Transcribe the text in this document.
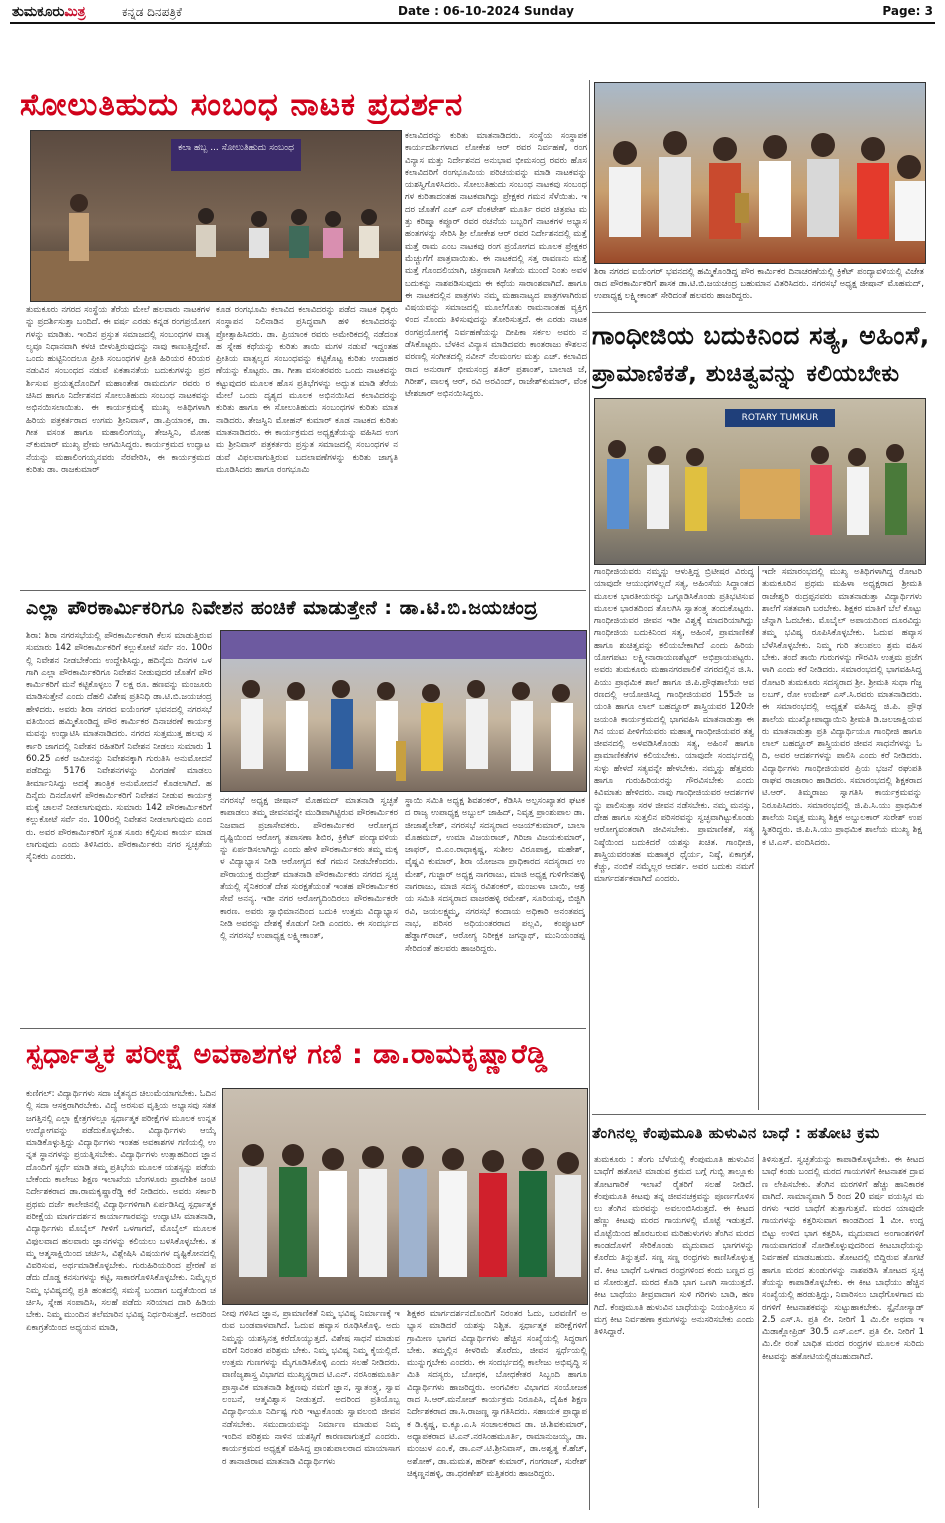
ತುಮಕೂರುಮಿತ್ರ	ಕನ್ನಡ ದಿನಪತ್ರಿಕೆ	Date : 06-10-2024 Sunday	Page: 3
ಸೋಲುತಿಹುದು ಸಂಬಂಧ ನಾಟಕ ಪ್ರದರ್ಶನ
ಕಲಾ ಹಬ್ಬ ... ಸೋಲುತಿಹುದು ಸಂಬಂಧ
ತುಮಕೂರು ನಗರದ ಸಂಸ್ಥೆಯ ತೆರೆಯ ಮೇಲೆ ಹಲವಾರು ನಾಟಕಗಳನ್ನು ಪ್ರದರ್ಶಿಸುತ್ತಾ ಬಂದಿದೆ. ಈ ವರ್ಷ ಎರಡು ಕನ್ನಡ ರಂಗಪ್ರಯೋಗಗಳನ್ನು ಮಾಡಿತು. ಇಂದಿನ ಪ್ರಸ್ತುತ ಸಮಾಜದಲ್ಲಿ ಸಂಬಂಧಗಳ ವಾತ್ಸಲ್ಯವೂ ನಿಧಾನವಾಗಿ ಕಳಚಿ ಬೀಳುತ್ತಿರುವುದನ್ನು ನಾವು ಕಾಣುತ್ತಿದ್ದೇವೆ. ಒಂದು ಹುಟ್ಟಿನಿಂದಲೂ ಪ್ರೀತಿ ಸಂಬಂಧಗಳ ಪ್ರೀತಿ ಹಿರಿಯರ ಕಿರಿಯರ ನಡುವಿನ ಸಂಬಂಧದ ನಡುವೆ ಏಕತಾನತೆಯ ಬದುಕುಗಳನ್ನು ಪ್ರದರ್ಶಿಸುವ ಪ್ರಯತ್ನದೊಂದಿಗೆ ಮಹಾಂತೇಶ ರಾಮದುರ್ಗ ರವರು ರಚಿಸಿದ ಹಾಗೂ ನಿರ್ದೇಶನದ ಸೋಲುತಿಹುದು ಸಂಬಂಧ ನಾಟಕವನ್ನು ಅಭಿನಯಿಸಲಾಯಿತು. ಈ ಕಾರ್ಯಕ್ರಮಕ್ಕೆ ಮುಖ್ಯ ಅತಿಥಿಗಳಾಗಿ ಹಿರಿಯ ಪತ್ರಕರ್ತರಾದ ಉಗಮ ಶ್ರೀನಿವಾಸ್, ಡಾ.ಪ್ರಿಯಾಂಕ, ಡಾ. ಗೀತ ವಸಂತ ಹಾಗೂ ಮಹಾಲಿಂಗಯ್ಯ, ತೇಜಸ್ವಿನಿ, ಮೋಹನ್‌ಕುಮಾರ್ ಮುಖ್ಯ ಪ್ರೇಮ ಆಗಮಿಸಿದ್ದರು. ಕಾರ್ಯಕ್ರಮದ ಉದ್ಘಾಟನೆಯನ್ನು ಮಹಾಲಿಂಗಯ್ಯನವರು ನೆರವೇರಿಸಿ, ಈ ಕಾರ್ಯಕ್ರಮದ ಕುರಿತು ಡಾ. ರಾಜಕುಮಾರ್
ಕೂಡ ರಂಗಭೂಮಿ ಕಲಾವಿದ ಕಲಾವಿದರನ್ನು ಪಡೆದ ನಾಟಕ ಧಿಕ್ಕರು ಸಂಸ್ಥಾಪನ ನಿಲಿನಾಡಿನ ಪ್ರಸಿದ್ಧವಾಗಿ ಹಳಿ ಕಲಾವಿದರನ್ನು ಪ್ರೋತ್ಸಾಹಿಸಿದರು. ಡಾ. ಪ್ರಿಯಾಂಕ ರವರು ಅಮೇರಿಕದಲ್ಲಿ ನಡೆದಂತಹ ಸ್ನೇಹ ಕಥೆಯನ್ನು ಕುರಿತು ತಾಯಿ ಮಗಳ ನಡುವೆ ಇದ್ದಂತಹ ಪ್ರೀತಿಯ ವಾತ್ಸಲ್ಯದ ಸಂಬಂಧವನ್ನು ಕಟ್ಟಿಕೊಟ್ಟ ಕುರಿತು ಉದಾಹರಣೆಯನ್ನು ಕೊಟ್ಟರು. ಡಾ. ಗೀತಾ ವಸಂತರವರು ಒಂದು ನಾಟಕವನ್ನು ಕಟ್ಟುವುದರ ಮೂಲಕ ಹೊಸ ಪ್ರತಿಭೆಗಳನ್ನು ಅದ್ಭುತ ಮಾಡಿ ತೆರೆಯ ಮೇಲೆ ಒಂದು ದೃಶ್ಯದ ಮೂಲಕ ಅಭಿನಯಿಸಿದ ಕಲಾವಿದರನ್ನು ಕುರಿತು ಹಾಗೂ ಈ ಸೋಲುತಿಹುದು ಸಂಬಂಧಗಳ ಕುರಿತು ಮಾತನಾಡಿದರು. ತೇಜಸ್ವಿನಿ ಮೋಹನ್ ಕುಮಾರ್ ಕೂಡ ನಾಟಕದ ಕುರಿತು ಮಾತನಾಡಿದರು. ಈ ಕಾರ್ಯಕ್ರಮದ ಅಧ್ಯಕ್ಷತೆಯನ್ನು ವಹಿಸಿದ ಉಗಮ ಶ್ರೀನಿವಾಸ್ ಪತ್ರಕರ್ತರು ಪ್ರಸ್ತುತ ಸಮಾಜದಲ್ಲಿ ಸಂಬಂಧಗಳ ನಡುವೆ ವಿಫಲವಾಗುತ್ತಿರುವ ಬದಲಾವಣೆಗಳನ್ನು ಕುರಿತು ಜಾಗೃತಿ ಮೂಡಿಸಿದರು ಹಾಗೂ ರಂಗಭೂಮಿ
ಕಲಾವಿದರನ್ನು ಕುರಿತು ಮಾತನಾಡಿದರು. ಸಂಸ್ಥೆಯ ಸಂಸ್ಥಾಪಕ ಕಾರ್ಯದರ್ಶಿಗಳಾದ ಲೋಕೇಶ ಆರ್ ರವರ ನಿರ್ವಹಣೆ, ರಂಗ ವಿನ್ಯಾಸ ಮತ್ತು ನಿರ್ದೇಶನದ ಅನುಭಾವ ಭೀಮಸಂದ್ರ ರವರು ಹೊಸ ಕಲಾವಿದರಿಗೆ ರಂಗಭೂಮಿಯ ಪರಿಚಯವನ್ನು ಮಾಡಿ ನಾಟಕವನ್ನು ಯಶಸ್ವಿಗೊಳಿಸಿದರು. ಸೋಲುತಿಹುದು ಸಂಬಂಧ ನಾಟಕವು ಸಂಬಂಧಗಳ ಕುರಿತಾದಂತಹ ನಾಟಕವಾಗಿದ್ದು ಪ್ರೇಕ್ಷಕರ ಗಮನ ಸೆಳೆಯಿತು. ಇದರ ಜೊತೆಗೆ ಎಚ್ ಎಸ್ ವೆಂಕಟೇಶ್ ಮೂರ್ತಿ ರವರ ಚಿತ್ರಪಟ ಮತ್ತು ಕರಿಷ್ಮಾ ಕಪ್ಪೂರ್ ರವರ ರಚನೆಯ ಬಬ್ಬರಿಗೆ ನಾಟಕಗಳ ಅಭ್ಯಾಸ ಹಂತಗಳನ್ನು ಸೇರಿಸಿ ಶ್ರೀ ಲೋಕೇಶ ಆರ್ ರವರ ನಿರ್ದೇಶನದಲ್ಲಿ ಮತ್ತೆ ಮತ್ತೆ ರಾಮ ಎಂಬ ನಾಟಕವು ರಂಗ ಪ್ರಯೋಗದ ಮೂಲಕ ಪ್ರೇಕ್ಷಕರ ಮೆಚ್ಚುಗೆಗೆ ಪಾತ್ರವಾಯಿತು. ಈ ನಾಟಕದಲ್ಲಿ ಸತ್ತ ರಾವಣನು ಮತ್ತೆ ಮತ್ತೆ ಗೊಂದಲಿಯಾಗಿ, ಚಿತ್ರಣವಾಗಿ ಸೀತೆಯ ಮುಂದೆ ನಿಂತು ಅವಳ ಬದುಕನ್ನು ನಾಶಪಡಿಸುವುದು ಈ ಕಥೆಯ ಸಾರಾಂಶವಾಗಿದೆ. ಹಾಗೂ ಈ ನಾಟಕದಲ್ಲಿನ ಪಾತ್ರಗಳು ನಮ್ಮ ಮಹಾನಾಟ್ಯದ ಪಾತ್ರಗಳಾಗಿರುವ ವಿಷಯವನ್ನು ಸಮಾಜದಲ್ಲಿ ಮೂಲೆಗೊತು ರಾಮನಾಂತಹ ವ್ಯಕ್ತಿಗಳಿಂದ ನೊಂದು ತಿಳಿಸುವುದನ್ನು ತೋರಿಸುತ್ತದೆ. ಈ ಎರಡು ನಾಟಕ ರಂಗಪ್ರಯೋಗಕ್ಕೆ ನಿರ್ವಹಣೆಯನ್ನು ದೀಪಿಕಾ ಸರ್ಕಲ ಅವರು ನಡೆಸಿಕೊಟ್ಟರು. ಬೆಳಕಿನ ವಿನ್ಯಾಸ ಮಾಡಿದವರು ಕಾಂತರಾಜು ಕೌಶಲನವರಣಲ್ಲಿ ಸಂಗೀತದಲ್ಲಿ ನವೀನ್ ನೆಲಮಂಗಲ ಮತ್ತು ಎಚ್. ಕಲಾವಿದರಾದ ಅನುರಾಗ್ ಭೀಮಸಂದ್ರ ಶತಿರ್ ಪ್ರಶಾಂತ್, ಬಾಲಾಜಿ ಜೆ, ಗಿರೀಶ್, ವಾಲಕ್ಕ ಆರ್, ರವಿ ಅರವಿಂದ್, ರಾಜೇಶ್‌ಕುಮಾರ್, ವೆಂಕಟೇಶಚಾರ್ ಅಭಿನಯಿಸಿದ್ದರು.
ಶಿರಾ ನಗರದ ಐಯೆಂಗರ್ ಭವನದಲ್ಲಿ ಹಮ್ಮಿಕೊಂಡಿದ್ದ ಪೌರ ಕಾರ್ಮಿಕರ ದಿನಾಚರಣೆಯಲ್ಲಿ ಕ್ರಿಕೆಟ್ ಪಂದ್ಯಾವಳಿಯಲ್ಲಿ ವಿಜೇತರಾದ ಪೌರಕಾರ್ಮಿಕರಿಗೆ ಶಾಸಕ ಡಾ.ಟಿ.ಬಿ.ಜಯಚಂದ್ರ ಬಹುಮಾನ ವಿತರಿಸಿದರು. ನಗರಸಭೆ ಅಧ್ಯಕ್ಷ ಜೀಷಾನ್ ಮೊಹಮದ್, ಉಪಾಧ್ಯಕ್ಷ ಲಕ್ಷ್ಮೀಕಾಂತ್ ಸೇರಿದಂತೆ ಹಲವರು ಹಾಜರಿದ್ದರು.
ಗಾಂಧೀಜಿಯ ಬದುಕಿನಿಂದ ಸತ್ಯ, ಅಹಿಂಸೆ,
ಪ್ರಾಮಾಣಿಕತೆ, ಶುಚಿತ್ವವನ್ನು ಕಲಿಯಬೇಕು
ROTARY TUMKUR
ಗಾಂಧೀಜಿಯವರು ನಮ್ಮನ್ನು ಆಳುತ್ತಿದ್ದ ಬ್ರಿಟೀಷರ ವಿರುದ್ಧ ಯಾವುದೇ ಆಯುಧಗಳಿಲ್ಲದೆ ಸತ್ಯ, ಅಹಿಂಸೆಯ ಸಿದ್ಧಾಂತದ ಮೂಲಕ ಭಾರತೀಯರನ್ನು ಒಗ್ಗೂಡಿಸಿಕೊಂಡು ಪ್ರತಿಭಟಿಸುವ ಮೂಲಕ ಭಾರತದಿಂದ ತೊಲಗಿಸಿ ಸ್ವಾತಂತ್ರ್ಯ ತಂದುಕೊಟ್ಟರು. ಗಾಂಧೀಜಿಯವರ ಜೀವನ ಇಡೀ ವಿಶ್ವಕ್ಕೆ ಮಾದರಿಯಾಗಿದ್ದು ಗಾಂಧೀಜಿಯ ಬದುಕಿನಿಂದ ಸತ್ಯ, ಅಹಿಂಸೆ, ಪ್ರಾಮಾಣಿಕತೆ ಹಾಗೂ ಶುಚಿತ್ವವನ್ನು ಕಲಿಯಬೇಕಾಗಿದೆ ಎಂದು ಹಿರಿಯ ಯೋಗಪಟು ಲಕ್ಷ್ಮೀನಾರಾಯಣಶೆಟ್ಟರ್ ಅಭಿಪ್ರಾಯಪಟ್ಟರು. ಅವರು ತುಮಕೂರು ಮಹಾನಗರಪಾಲಿಕೆ ನಗರದಲ್ಲಿನ ಜಿ.ಸಿ.ಪಿಯು ಪ್ರಾಥಮಿಕ ಶಾಲೆ ಹಾಗೂ ಜಿ.ಪಿ.ಪ್ರೌಢಶಾಲೆಯ ಆವರಣದಲ್ಲಿ ಆಯೋಜಿಸಿದ್ದ ಗಾಂಧೀಜಿಯವರ 155ನೇ ಜಯಂತಿ ಹಾಗೂ ಲಾಲ್ ಬಹದ್ದೂರ್ ಶಾಸ್ತ್ರಿಯವರ 120ನೇ ಜಯಂತಿ ಕಾರ್ಯಕ್ರಮದಲ್ಲಿ ಭಾಗವಹಿಸಿ ಮಾತನಾಡುತ್ತಾ ಈಗಿನ ಯುವ ಪೀಳಿಗೆಯವರು ಮಹಾತ್ಮ ಗಾಂಧೀಜಿಯವರ ತತ್ವ ಜೀವನದಲ್ಲಿ ಅಳವಡಿಸಿಕೊಂಡು ಸತ್ಯ, ಅಹಿಂಸೆ ಹಾಗೂ ಪ್ರಾಮಾಣಿಕತೆಗಳ ಕಲಿಯಬೇಕು. ಯಾವುದೇ ಸಂದರ್ಭದಲ್ಲಿ ಸುಳ್ಳು ಹೇಳದೆ ಸತ್ಯವನ್ನೇ ಹೇಳಬೇಕು. ನಮ್ಮನ್ನು ಹೆತ್ತವರು ಹಾಗೂ ಗುರುಹಿರಿಯರನ್ನು ಗೌರವಿಸಬೇಕು ಎಂದು ಕಿವಿಮಾತು ಹೇಳಿದರು. ನಾವು ಗಾಂಧೀಜಿಯವರ ಆದರ್ಶಗಳನ್ನು ಪಾಲಿಸುತ್ತಾ ಸರಳ ಜೀವನ ನಡೆಸಬೇಕು. ನಮ್ಮ ಮನಸ್ಸು, ದೇಹ ಹಾಗೂ ಸುತ್ತಲಿನ ಪರಿಸರವನ್ನು ಸ್ವಚ್ಛವಾಗಿಟ್ಟುಕೊಂಡು ಆರೋಗ್ಯವಂತರಾಗಿ ಜೀವಿಸಬೇಕು. ಪ್ರಾಮಾಣಿಕತೆ, ಸತ್ಯ ನಿಷ್ಠೆಯಿಂದ ಬದುಕಿದರೆ ಯಶಸ್ಸು ಖಚಿತ. ಗಾಂಧೀಜಿ, ಶಾಸ್ತ್ರಿಯವರಂತಹ ಮಹಾತ್ಮರ ಧೈರ್ಯ, ನಿಷ್ಠೆ, ಏಕಾಗ್ರತೆ, ಕೆಚ್ಚು, ನಂಬಿಕೆ ನಮ್ಮೆಲ್ಲರ ಆದರ್ಶ. ಅವರ ಬದುಕು ನಮಗೆ ಮಾರ್ಗದರ್ಶಕವಾಗಿದೆ ಎಂದರು.
ಇದೇ ಸಮಾರಂಭದಲ್ಲಿ ಮುಖ್ಯ ಅತಿಥಿಗಳಾಗಿದ್ದ ರೋಟರಿ ತುಮಕೂರಿನ ಪ್ರಥಮ ಮಹಿಳಾ ಅಧ್ಯಕ್ಷರಾದ ಶ್ರೀಮತಿ ರಾಜೇಶ್ವರಿ ರುದ್ರಪ್ಪನವರು ಮಾತನಾಡುತ್ತಾ ವಿದ್ಯಾರ್ಥಿಗಳು ಶಾಲೆಗೆ ಸತತವಾಗಿ ಬರಬೇಕು. ಶಿಕ್ಷಕರ ಮಾತಿಗೆ ಬೆಲೆ ಕೊಟ್ಟು ಚೆನ್ನಾಗಿ ಓದಬೇಕು. ಮೊಬೈಲ್ ಅಪಾಯದಿಂದ ದೂರವಿದ್ದು ತಮ್ಮ ಭವಿಷ್ಯ ರೂಪಿಸಿಕೊಳ್ಳಬೇಕು. ಓದುವ ಹವ್ಯಾಸ ಬೆಳೆಸಿಕೊಳ್ಳಬೇಕು. ನಿಮ್ಮ ಗುರಿ ತಲುಪಲು ಶ್ರಮ ವಹಿಸಬೇಕು. ತಂದೆ ತಾಯಿ ಗುರುಗಳನ್ನು ಗೌರವಿಸಿ ಉತ್ತಮ ಪ್ರಜೆಗಳಾಗಿ ಎಂದು ಕರೆ ನೀಡಿದರು. ಸಮಾರಂಭದಲ್ಲಿ ಭಾಗವಹಿಸಿದ್ದ ರೋಟರಿ ತುಮಕೂರು ಸದಸ್ಯರಾದ ಶ್ರೀ. ಶ್ರೀಮತಿ ಸುಧಾ ಗೆಜ್ಜಲಬಗ್, ರೋ ಉಮೇಶ್ ಎಸ್.ಸಿ.ರವರು ಮಾತನಾಡಿದರು. ಈ ಸಮಾರಂಭದಲ್ಲಿ ಅಧ್ಯಕ್ಷತೆ ವಹಿಸಿದ್ದ ಜಿ.ಪಿ. ಪ್ರೌಢಶಾಲೆಯ ಮುಖ್ಯೋಪಾಧ್ಯಾಯಿನಿ ಶ್ರೀಮತಿ ಡಿ.ಜಲಜಾಕ್ಷಿಯವರು ಮಾತನಾಡುತ್ತಾ ಪ್ರತಿ ವಿದ್ಯಾರ್ಥಿಯೂ ಗಾಂಧೀಜಿ ಹಾಗೂ ಲಾಲ್ ಬಹದ್ದೂರ್ ಶಾಸ್ತ್ರಿಯವರ ಜೀವನ ಸಾಧನೆಗಳನ್ನು ಓದಿ, ಅವರ ಆದರ್ಶಗಳನ್ನು ಪಾಲಿಸಿ ಎಂದು ಕರೆ ನೀಡಿದರು. ವಿದ್ಯಾರ್ಥಿಗಳು ಗಾಂಧೀಜಿಯವರ ಪ್ರಿಯ ಭಜನೆ ರಘುಪತಿ ರಾಘವ ರಾಜಾರಾಂ ಹಾಡಿದರು. ಸಮಾರಂಭದಲ್ಲಿ ಶಿಕ್ಷಕರಾದ ಟಿ.ಆರ್. ತಿಮ್ಮರಾಜು ಸ್ವಾಗತಿಸಿ ಕಾರ್ಯಕ್ರಮವನ್ನು ನಿರೂಪಿಸಿದರು. ಸಮಾರಂಭದಲ್ಲಿ ಜಿ.ಪಿ.ಸಿ.ಯು ಪ್ರಾಥಮಿಕ ಶಾಲೆಯ ನಿವೃತ್ತ ಮುಖ್ಯ ಶಿಕ್ಷಕ ಅಬ್ದುಲಕಾರ್ ಸುರೇಶ್ ಉಪಸ್ಥಿತರಿದ್ದರು. ಜಿ.ಪಿ.ಸಿ.ಯು ಪ್ರಾಥಮಿಕ ಶಾಲೆಯ ಮುಖ್ಯ ಶಿಕ್ಷಕ ಟಿ.ಎಸ್. ವಂದಿಸಿದರು.
ಎಲ್ಲಾ ಪೌರಕಾರ್ಮಿಕರಿಗೂ ನಿವೇಶನ ಹಂಚಿಕೆ ಮಾಡುತ್ತೇನೆ : ಡಾ.ಟಿ.ಬಿ.ಜಯಚಂದ್ರ
ಶಿರಾ: ಶಿರಾ ನಗರಸಭೆಯಲ್ಲಿ ಪೌರಕಾರ್ಮಿಕರಾಗಿ ಕೆಲಸ ಮಾಡುತ್ತಿರುವ ಸುಮಾರು 142 ಪೌರಕಾರ್ಮಿಕರಿಗೆ ಕಲ್ಲುಕೋಟೆ ಸರ್ವೆ ನಂ. 100ರಲ್ಲಿ ನಿವೇಶನ ನೀಡಬೇಕೆಂದು ಉದ್ದೇಶಿಸಿದ್ದು, ಹದಿನೈದು ದಿನಗಳ ಒಳಗಾಗಿ ಎಲ್ಲಾ ಪೌರಕಾರ್ಮಿಕರಿಗೂ ನಿವೇಶನ ನೀಡುವುದರ ಜೊತೆಗೆ ಪೌರಕಾರ್ಮಿಕರಿಗೆ ಮನೆ ಕಟ್ಟಿಕೊಳ್ಳಲು 7 ಲಕ್ಷ ರೂ. ಹಣವನ್ನು ಮಂಜೂರು ಮಾಡಿಸುತ್ತೇನೆ ಎಂದು ದೆಹಲಿ ವಿಶೇಷ ಪ್ರತಿನಿಧಿ ಡಾ.ಟಿ.ಬಿ.ಜಯಚಂದ್ರ ಹೇಳಿದರು. ಅವರು ಶಿರಾ ನಗರದ ಐಯೆಂಗರ್ ಭವನದಲ್ಲಿ ನಗರಸಭೆ ವತಿಯಿಂದ ಹಮ್ಮಿಕೊಂಡಿದ್ದ ಪೌರ ಕಾರ್ಮಿಕರ ದಿನಾಚರಣೆ ಕಾರ್ಯಕ್ರಮವನ್ನು ಉದ್ಘಾಟಿಸಿ ಮಾತನಾಡಿದರು. ನಗರದ ಸುತ್ತಮುತ್ತ ಹಲವು ಸರ್ಕಾರಿ ಜಾಗದಲ್ಲಿ ನಿವೇಶನ ರಹಿತರಿಗೆ ನಿವೇಶನ ನೀಡಲು ಸುಮಾರು 160.25 ಎಕರೆ ಜಮೀನನ್ನು ನಿವೇಶನಕ್ಕಾಗಿ ಗುರುತಿಸಿ ಅನುಮೋದನೆ ಪಡೆದಿದ್ದು 5176 ನಿವೇಶನಗಳನ್ನು ವಿಂಗಡಣೆ ಮಾಡಲು ತೀರ್ಮಾನಿಸಿದ್ದು ಅದಕ್ಕೆ ತಾಂತ್ರಿಕ ಅನುಮೋದನೆ ಕೊಡಲಾಗಿದೆ. ಹದಿನೈದು ದಿನದೊಳಗೆ ಪೌರಕಾರ್ಮಿಕರಿಗೆ ನಿವೇಶನ ನೀಡುವ ಕಾರ್ಯಕ್ರಮಕ್ಕೆ ಚಾಲನೆ ನೀಡಲಾಗುವುದು. ಸುಮಾರು 142 ಪೌರಕಾರ್ಮಿಕರಿಗೆ ಕಲ್ಲುಕೋಟೆ ಸರ್ವೆ ನಂ. 100ರಲ್ಲಿ ನಿವೇಶನ ನೀಡಲಾಗುವುದು ಎಂದರು. ಅವರ ಪೌರಕಾರ್ಮಿಕರಿಗೆ ಸ್ವಂತ ಸೂರು ಕಲ್ಪಿಸುವ ಕಾರ್ಯ ಮಾಡಲಾಗುವುದು ಎಂದು ತಿಳಿಸಿದರು. ಪೌರಕಾರ್ಮಿಕರು ನಗರ ಸ್ವಚ್ಛತೆಯ ಸೈನಿಕರು ಎಂದರು.
ನಗರಸಭೆ ಅಧ್ಯಕ್ಷ ಜೀಷಾನ್ ಮೊಹಮದ್ ಮಾತನಾಡಿ ಸ್ವಚ್ಛತೆ ಕಾಪಾಡಲು ತಮ್ಮ ಜೀವನವನ್ನೇ ಮುಡಿಪಾಗಿಟ್ಟಿರುವ ಪೌರಕಾರ್ಮಿಕರ ನಿಜವಾದ ಪ್ರಜಾಸೇವಕರು. ಪೌರಕಾರ್ಮಿಕರ ಆರೋಗ್ಯದ ದೃಷ್ಟಿಯಿಂದ ಆರೋಗ್ಯ ತಪಾಸಣಾ ಶಿಬಿರ, ಕ್ರಿಕೆಟ್ ಪಂದ್ಯಾವಳಿಯನ್ನು ಏರ್ಪಡಿಸಲಾಗಿದ್ದು ಎಂದು ಹೇಳಿ ಪೌರಕಾರ್ಮಿಕರು ತಮ್ಮ ಮಕ್ಕಳ ವಿದ್ಯಾಭ್ಯಾಸ ನೀಡಿ ಆರೋಗ್ಯದ ಕಡೆ ಗಮನ ನೀಡಬೇಕೆಂದರು. ಪೌರಾಯುಕ್ತ ರುದ್ರೇಶ್ ಮಾತನಾಡಿ ಪೌರಕಾರ್ಮಿಕರು ನಗರದ ಸ್ವಚ್ಛತೆಯಲ್ಲಿ ಸೈನಿಕರಂತೆ ದೇಶ ಸುರಕ್ಷತೆಯಂತೆ ಇಂತಹ ಪೌರಕಾರ್ಮಿಕರ ಸೇವೆ ಅನನ್ಯ. ಇಡೀ ನಗರ ಆರೋಗ್ಯದಿಂದಿರಲು ಪೌರಕಾರ್ಮಿಕರೇ ಕಾರಣ. ಅವರು ಸ್ವಾಭಿಮಾನದಿಂದ ಬದುಕಿ ಉತ್ತಮ ವಿದ್ಯಾಭ್ಯಾಸ ನೀಡಿ ಅವರನ್ನು ದೇಶಕ್ಕೆ ಕೊಡುಗೆ ನೀಡಿ ಎಂದರು. ಈ ಸಂದರ್ಭದಲ್ಲಿ ನಗರಸಭೆ ಉಪಾಧ್ಯಕ್ಷ ಲಕ್ಷ್ಮೀಕಾಂತ್,
ಸ್ಥಾಯಿ ಸಮಿತಿ ಅಧ್ಯಕ್ಷ ಶಿವಶಂಕರ್, ಕೆಡಿಸಿಸಿ ಅಲ್ಪಸಂಖ್ಯಾತರ ಘಟಕದ ರಾಜ್ಯ ಉಪಾಧ್ಯಕ್ಷ ಅಬ್ದುಲ್ ಜಾಹಿದ್, ನಿವೃತ್ತ ಪ್ರಾಂಶುಪಾಲ ಡಾ.ಜೀಜಾಶೈಲೇಶ್, ನಗರಸಭೆ ಸದಸ್ಯರಾದ ಅಜಯ್‌ಕುಮಾರ್, ಬಾಲಾ ಮೊಹಮದ್, ಉಮಾ ವಿಜಯರಾಜ್, ಗಿರಿಜಾ ವಿಜಯಕುಮಾರ್, ಜಾಫರ್, ಬಿ.ಎಂ.ರಾಧಾಕೃಷ್ಣ, ಸುಶೀಲ ವಿರೂಪಾಕ್ಷ, ಮಹೇಶ್, ವೈಷ್ಣವಿ ಕುಮಾರ್, ಶಿರಾ ಯೋಜನಾ ಪ್ರಾಧಿಕಾರದ ಸದಸ್ಯರಾದ ಉಮೇಶ್, ಗುಜ್ಜಾರ್ ಅಧ್ಯಕ್ಷ ನಾಗರಾಜು, ಮಾಜಿ ಅಧ್ಯಕ್ಷ ಗುಳಿಗೇನಹಳ್ಳಿ ನಾಗರಾಜು, ಮಾಜಿ ಸದಸ್ಯ ರವಿಶಂಕರ್, ಮಂಜುಳಾ ಬಾಯಿ, ಆಶ್ರಯ ಸಮಿತಿ ಸದಸ್ಯರಾದ ವಾಜರಹಳ್ಳಿ ರಮೇಶ್, ಸೂರಿಯಪ್ಪ, ಬಿಜ್ಜಿಗಿ ರವಿ, ಜಯಲಕ್ಷ್ಮಮ್ಮ, ನಗರಸಭೆ ಕಂದಾಯ ಅಧಿಕಾರಿ ಅನಂತಪದ್ಮನಾಭ, ಪರಿಸರ ಅಧಿಯಂತರರಾದ ಪಲ್ಲವಿ, ಕಂಪ್ಯೂಟರ್ ಹೆಡ್ಡಾಗ್‌ರಾಜ್, ಆರೋಗ್ಯ ನಿರೀಕ್ಷಕ ಜಗನ್ನಾಥ್, ಮುನಿಯಂಡಪ್ಪ ಸೇರಿದಂತೆ ಹಲವರು ಹಾಜರಿದ್ದರು.
ಸ್ಪರ್ಧಾತ್ಮಕ ಪರೀಕ್ಷೆ ಅವಕಾಶಗಳ ಗಣಿ : ಡಾ.ರಾಮಕೃಷ್ಣಾರೆಡ್ಡಿ
ಕುಣಿಗಲ್: ವಿದ್ಯಾರ್ಥಿಗಳು ಸದಾ ಚೈತನ್ಯದ ಚಿಲುಮೆಯಾಗಬೇಕು. ಓದಿನಲ್ಲಿ ಸದಾ ಆಸಕ್ತರಾಗಿರಬೇಕು. ವಿದ್ಯೆ ಅರಸುವ ವೃತ್ತಿಯ ಅಭ್ಯಾಸವು ಸತತ ಜಗತ್ತಿನಲ್ಲಿ ಎಲ್ಲಾ ಕ್ಷೇತ್ರಗಳಲ್ಲೂ ಸ್ಪರ್ಧಾತ್ಮಕ ಪರೀಕ್ಷೆಗಳ ಮೂಲಕ ಉನ್ನತ ಉದ್ಯೋಗವನ್ನು ಪಡೆದುಕೊಳ್ಳಬೇಕು. ವಿದ್ಯಾರ್ಥಿಗಳು ಆಯ್ಕೆ ಮಾಡಿಕೊಳ್ಳುತ್ತಿದ್ದು ವಿದ್ಯಾರ್ಥಿಗಳು ಇಂತಹ ಅವಕಾಶಗಳ ಗಣಿಯಲ್ಲಿ ಉನ್ನತ ಸ್ಥಾನಗಳನ್ನು ಪ್ರಯತ್ನಿಸಬೇಕು. ವಿದ್ಯಾರ್ಥಿಗಳು ಉತ್ಸಾಹದಿಂದ ಜ್ಞಾನದೊಂದಿಗೆ ಸ್ಪರ್ಧೆ ಮಾಡಿ ತಮ್ಮ ಪ್ರತಿಭೆಯ ಮೂಲಕ ಯಶಸ್ಸನ್ನು ಪಡೆಯಬೇಕೆಂದು ಕಾಲೇಜು ಶಿಕ್ಷಣ ಇಲಾಖೆಯ ಬೆಂಗಳೂರು ಪ್ರಾದೇಶಿಕ ಜಂಟಿ ನಿರ್ದೇಶಕರಾದ ಡಾ.ರಾಮಕೃಷ್ಣಾರೆಡ್ಡಿ ಕರೆ ನೀಡಿದರು. ಅವರು ಸರ್ಕಾರಿ ಪ್ರಥಮ ದರ್ಜೆ ಕಾಲೇಜಿನಲ್ಲಿ ವಿದ್ಯಾರ್ಥಿಗಳಿಗಾಗಿ ಏರ್ಪಡಿಸಿದ್ದ ಸ್ಪರ್ಧಾತ್ಮಕ ಪರೀಕ್ಷೆಯ ಮಾರ್ಗದರ್ಶನ ಕಾರ್ಯಾಗಾರವನ್ನು ಉದ್ಘಾಟಿಸಿ ಮಾತನಾಡಿ, ವಿದ್ಯಾರ್ಥಿಗಳು ಮೊಬೈಲ್ ಗೀಳಿಗೆ ಒಳಗಾಗದೆ, ಮೊಬೈಲ್ ಮೂಲಕ ವಿಫುಲವಾದ ಹಲವಾರು ಜ್ಞಾನಗಳನ್ನು ಕಲಿಯಲು ಬಳಸಿಕೊಳ್ಳಬೇಕು. ತಮ್ಮ ಆತ್ಮಸಾಕ್ಷಿಯಿಂದ ಚರ್ಚಿಸಿ, ವಿಶ್ಲೇಷಿಸಿ ವಿಷಯಗಳ ದೃಷ್ಟಿಕೋನದಲ್ಲಿ ವಿವರಿಸುವ, ಅರ್ಥಮಾಡಿಕೊಳ್ಳಬೇಕು. ಗುರುಹಿರಿಯರಿಂದ ಪ್ರೇರಣೆ ಪಡೆದು ದೊಡ್ಡ ಕನಸುಗಳನ್ನು ಕಟ್ಟಿ, ಸಾಕಾರಗೊಳಿಸಿಕೊಳ್ಳಬೇಕು. ನಿಮ್ಮೆಲ್ಲರ ನಿಮ್ಮ ಭವಿಷ್ಯದಲ್ಲಿ ಪ್ರತಿ ಹಂತದಲ್ಲಿ ಸಮಸ್ಯೆ ಬಂದಾಗ ಬದ್ಧತೆಯಿಂದ ಚರ್ಚಿಸಿ, ಸ್ನೇಹ ಸಂಪಾದಿಸಿ, ಸಲಹೆ ಪಡೆದು ಸರಿಯಾದ ದಾರಿ ಹಿಡಿಯಬೇಕು. ನಿಮ್ಮ ಮುಂದಿನ ತಲೆಮಾರಿನ ಭವಿಷ್ಯ ನಿರ್ಧರಿಸುತ್ತದೆ. ಅದರಿಂದ ಏಕಾಗ್ರತೆಯಿಂದ ಅಧ್ಯಯನ ಮಾಡಿ,
ನೀವು ಗಳಿಸಿದ ಜ್ಞಾನ, ಪ್ರಾಮಾಣಿಕತೆ ನಿಮ್ಮ ಭವಿಷ್ಯ ನಿರ್ಮಾಣಕ್ಕೆ ಇರುವ ಬಂಡವಾಳವಾಗಿದೆ. ಓದುವ ಹವ್ಯಾಸ ರೂಢಿಸಿಕೊಳ್ಳಿ. ಅದು ನಿಮ್ಮನ್ನು ಯಶಸ್ಸಿನತ್ತ ಕರೆದೊಯ್ಯುತ್ತದೆ. ವಿಶೇಷ ಸಾಧನೆ ಮಾಡುವವರಿಗೆ ನಿರಂತರ ಪರಿಶ್ರಮ ಬೇಕು. ನಿಮ್ಮ ಭವಿಷ್ಯ ನಿಮ್ಮ ಕೈಯಲ್ಲಿದೆ. ಉತ್ತಮ ಗುಣಗಳನ್ನು ಮೈಗೂಡಿಸಿಕೊಳ್ಳಿ ಎಂದು ಸಲಹೆ ನೀಡಿದರು. ವಾಣಿಜ್ಯಶಾಸ್ತ್ರ ವಿಭಾಗದ ಮುಖ್ಯಸ್ಥರಾದ ಟಿ.ಎನ್. ನರಸಿಂಹಮೂರ್ತಿ ಪ್ರಾಸ್ತಾವಿಕ ಮಾತನಾಡಿ ಶಿಕ್ಷಣವು ನಮಗೆ ಜ್ಞಾನ, ಸ್ವಾತಂತ್ರ್ಯ, ಸ್ವಾವಲಂಬನೆ, ಆತ್ಮವಿಶ್ವಾಸ ನೀಡುತ್ತದೆ. ಅದರಿಂದ ಪ್ರತಿಯೊಬ್ಬ ವಿದ್ಯಾರ್ಥಿಯೂ ನಿರ್ದಿಷ್ಟ ಗುರಿ ಇಟ್ಟುಕೊಂಡು ಸ್ವಾವಲಂಬಿ ಜೀವನ ನಡೆಸಬೇಕು. ಸಮುದಾಯವನ್ನು ನಿರ್ಮಾಣ ಮಾಡುವ ನಿಮ್ಮ ಇಂದಿನ ಪರಿಶ್ರಮ ನಾಳಿನ ಯಶಸ್ಸಿಗೆ ಕಾರಣವಾಗುತ್ತದೆ ಎಂದರು. ಕಾರ್ಯಕ್ರಮದ ಅಧ್ಯಕ್ಷತೆ ವಹಿಸಿದ್ದ ಪ್ರಾಂಶುಪಾಲರಾದ ಮಾಯಾಸಾಗರ ತಾನಾಜಿರಾವ ಮಾತನಾಡಿ ವಿದ್ಯಾರ್ಥಿಗಳು
ಶಿಕ್ಷಕರ ಮಾರ್ಗದರ್ಶನದೊಂದಿಗೆ ನಿರಂತರ ಓದು, ಬರವಣಿಗೆ ಅಭ್ಯಾಸ ಮಾಡಿದರೆ ಯಶಸ್ಸು ನಿಶ್ಚಿತ. ಸ್ಪರ್ಧಾತ್ಮಕ ಪರೀಕ್ಷೆಗಳಿಗೆ ಗ್ರಾಮೀಣ ಭಾಗದ ವಿದ್ಯಾರ್ಥಿಗಳು ಹೆಚ್ಚಿನ ಸಂಖ್ಯೆಯಲ್ಲಿ ಸಿದ್ಧರಾಗಬೇಕು. ತಮ್ಮಲ್ಲಿನ ಕೀಳರಿಮೆ ತೊರೆದು, ಜೀವನ ಸ್ಪರ್ಧೆಯಲ್ಲಿ ಮುನ್ನುಗ್ಗಬೇಕು ಎಂದರು. ಈ ಸಂದರ್ಭದಲ್ಲಿ ಕಾಲೇಜು ಅಭಿವೃದ್ಧಿ ಸಮಿತಿ ಸದಸ್ಯರು, ಬೋಧಕ, ಬೋಧಕೇತರ ಸಿಬ್ಬಂದಿ ಹಾಗೂ ವಿದ್ಯಾರ್ಥಿಗಳು ಹಾಜರಿದ್ದರು. ಅಂಗವಿಕಲ ವಿಭಾಗದ ಸಂಯೋಜಕರಾದ ಸಿ.ಆರ್.ಮನೋಜ್ ಕಾರ್ಯಕ್ರಮ ನಿರೂಪಿಸಿ, ದೈಹಿಕ ಶಿಕ್ಷಣ ನಿರ್ದೇಶಕರಾದ ಡಾ.ಸಿ.ರಾಜಣ್ಣ ಸ್ವಾಗತಿಸಿದರು. ಸಹಾಯಕ ಪ್ರಾಧ್ಯಾಪಕ ಡಿ.ಕೃಷ್ಣ, ಐ.ಕ್ಯೂ.ಎ.ಸಿ ಸಂಚಾಲಕರಾದ ಡಾ. ಚಿ.ಶಿವಕುಮಾರ್, ಅಧ್ಯಾಪಕರಾದ ಟಿ.ಎನ್.ನರಸಿಂಹಮೂರ್ತಿ, ರಾಮಾನುಜಯ್ಯ, ಡಾ.ಮಂಜುಳ ಎಂ.ಕೆ, ಡಾ.ಎನ್.ಟಿ.ಶ್ರೀನಿವಾಸ್, ಡಾ.ಅಶ್ವತ್ಥ ಕೆ.ಹೆಚ್, ಅಶೋಕ್, ಡಾ.ಮಮತ, ಹರೀಶ್ ಕುಮಾರ್, ಗಂಗರಾಜ್, ಸುರೇಶ್ ಚಿಕ್ಕಣ್ಣನಹಳ್ಳಿ, ಡಾ.ಧರಣೇಶ್ ಮತ್ತಿತರರು ಹಾಜರಿದ್ದರು.
ತೆಂಗಿನಲ್ಲ ಕೆಂಪುಮೂತಿ ಹುಳುವಿನ ಬಾಧೆ : ಹತೋಟಿ ಕ್ರಮ
ತುಮಕೂರು : ತೆಂಗು ಬೆಳೆಯಲ್ಲಿ ಕೆಂಪುಮೂತಿ ಹುಳುವಿನ ಬಾಧೆಗೆ ಹತೋಟಿ ಮಾಡುವ ಕ್ರಮದ ಬಗ್ಗೆ ಗುಬ್ಬಿ ತಾಲ್ಲೂಕು ತೋಟಗಾರಿಕೆ ಇಲಾಖೆ ರೈತರಿಗೆ ಸಲಹೆ ನೀಡಿದೆ. ಕೆಂಪುಮೂತಿ ಕೀಟವು ತನ್ನ ಜೀವನಚಕ್ರವನ್ನು ಪೂರ್ಣಗೊಳಿಸಲು ತೆಂಗಿನ ಮರವನ್ನು ಅವಲಂಬಿಸಿರುತ್ತದೆ. ಈ ಕೀಟದ ಹೆಣ್ಣು ಕೀಟವು ಮರದ ಗಾಯಗಳಲ್ಲಿ ಮೊಟ್ಟೆ ಇಡುತ್ತದೆ. ಮೊಟ್ಟೆಯಿಂದ ಹೊರಬರುವ ಮರಿಹುಳುಗಳು ತೆಂಗಿನ ಮರದ ಕಾಂಡದೊಳಗೆ ಸೇರಿಕೊಂಡು ಮೃದುವಾದ ಭಾಗಗಳನ್ನು ಕೊರೆದು ತಿನ್ನುತ್ತವೆ. ಸಣ್ಣ ಸಣ್ಣ ರಂಧ್ರಗಳು ಕಾಣಿಸಿಕೊಳ್ಳುತ್ತವೆ. ಕೀಟ ಬಾಧೆಗೆ ಒಳಗಾದ ರಂಧ್ರಗಳಿಂದ ಕಂದು ಬಣ್ಣದ ದ್ರವ ಸೋರುತ್ತದೆ. ಮರದ ಕೊಡಿ ಭಾಗ ಒಣಗಿ ಸಾಯುತ್ತದೆ. ಕೀಟ ಬಾಧೆಯು ತೀವ್ರವಾದಾಗ ಸುಳಿ ಗರಿಗಳು ಬಾಡಿ, ಹಣಗಿದೆ. ಕೆಂಪುಮೂತಿ ಹುಳುವಿನ ಬಾಧೆಯನ್ನು ನಿಯಂತ್ರಿಸಲು ಸಮಗ್ರ ಕೀಟ ನಿರ್ವಹಣಾ ಕ್ರಮಗಳನ್ನು ಅನುಸರಿಸಬೇಕು ಎಂದು ತಿಳಿಸಿದ್ದಾರೆ.
ತಿಳಿಸುತ್ತದೆ. ಸ್ವಚ್ಛತೆಯನ್ನು ಕಾಪಾಡಿಕೊಳ್ಳಬೇಕು. ಈ ಕೀಟದ ಬಾಧೆ ಕಂಡು ಬಂದಲ್ಲಿ ಮರದ ಗಾಯಗಳಿಗೆ ಕೀಟನಾಶಕ ದ್ರಾವಣ ಲೇಪಿಸಬೇಕು. ತೆಂಗಿನ ಮರಗಳಿಗೆ ಹೆಚ್ಚು ಹಾನಿಕಾರಕವಾಗಿದೆ. ಸಾಮಾನ್ಯವಾಗಿ 5 ರಿಂದ 20 ವರ್ಷ ವಯಸ್ಸಿನ ಮರಗಳು ಇದರ ಬಾಧೆಗೆ ತುತ್ತಾಗುತ್ತವೆ. ಮರದ ಯಾವುದೇ ಗಾಯಗಳನ್ನು ಕತ್ತರಿಸುವಾಗ ಕಾಂಡದಿಂದ 1 ಮೀ. ಉದ್ದ ಬಿಟ್ಟು ಉಳಿದ ಭಾಗ ಕತ್ತರಿಸಿ, ಮೃದುವಾದ ಅಂಗಾಂಶಗಳಿಗೆ ಗಾಯವಾಗದಂತೆ ನೋಡಿಕೊಳ್ಳುವುದರಿಂದ ಕೀಟಬಾಧೆಯನ್ನು ನಿರ್ವಹಣೆ ಮಾಡಬಹುದು. ತೋಟದಲ್ಲಿ ಬಿದ್ದಿರುವ ತೊಗಟೆ ಹಾಗೂ ಮರದ ತುಂಡುಗಳನ್ನು ನಾಶಪಡಿಸಿ ತೋಟದ ಸ್ವಚ್ಛತೆಯನ್ನು ಕಾಪಾಡಿಕೊಳ್ಳಬೇಕು. ಈ ಕೀಟ ಬಾಧೆಯು ಹೆಚ್ಚಿನ ಸಂಖ್ಯೆಯಲ್ಲಿ ಹರಡುತ್ತಿದ್ದು, ನಿವಾರಿಸಲು ಬಾಧೆಗೊಳಗಾದ ಮರಗಳಿಗೆ ಕೀಟನಾಶಕವನ್ನು ಸುಟ್ಟುಹಾಕಬೇಕು. ಸ್ಪೈನೋಸ್ಯಾಡ್ 2.5 ಎಸ್.ಸಿ. ಪ್ರತಿ ಲೀ. ನೀರಿಗೆ 1 ಮಿ.ಲೀ ಅಥವಾ ಇಮಿಡಾಕ್ಲೋಪ್ರಿಡ್ 30.5 ಎಸ್.ಎಲ್. ಪ್ರತಿ ಲೀ. ನೀರಿಗೆ 1 ಮಿ.ಲೀ ರಂತೆ ಬಾಧಿತ ಮರದ ರಂಧ್ರಗಳ ಮೂಲಕ ಸುರಿದು ಕೀಟವನ್ನು ಹತೋಟಿಯಲ್ಲಿಡಬಹುದಾಗಿದೆ.
